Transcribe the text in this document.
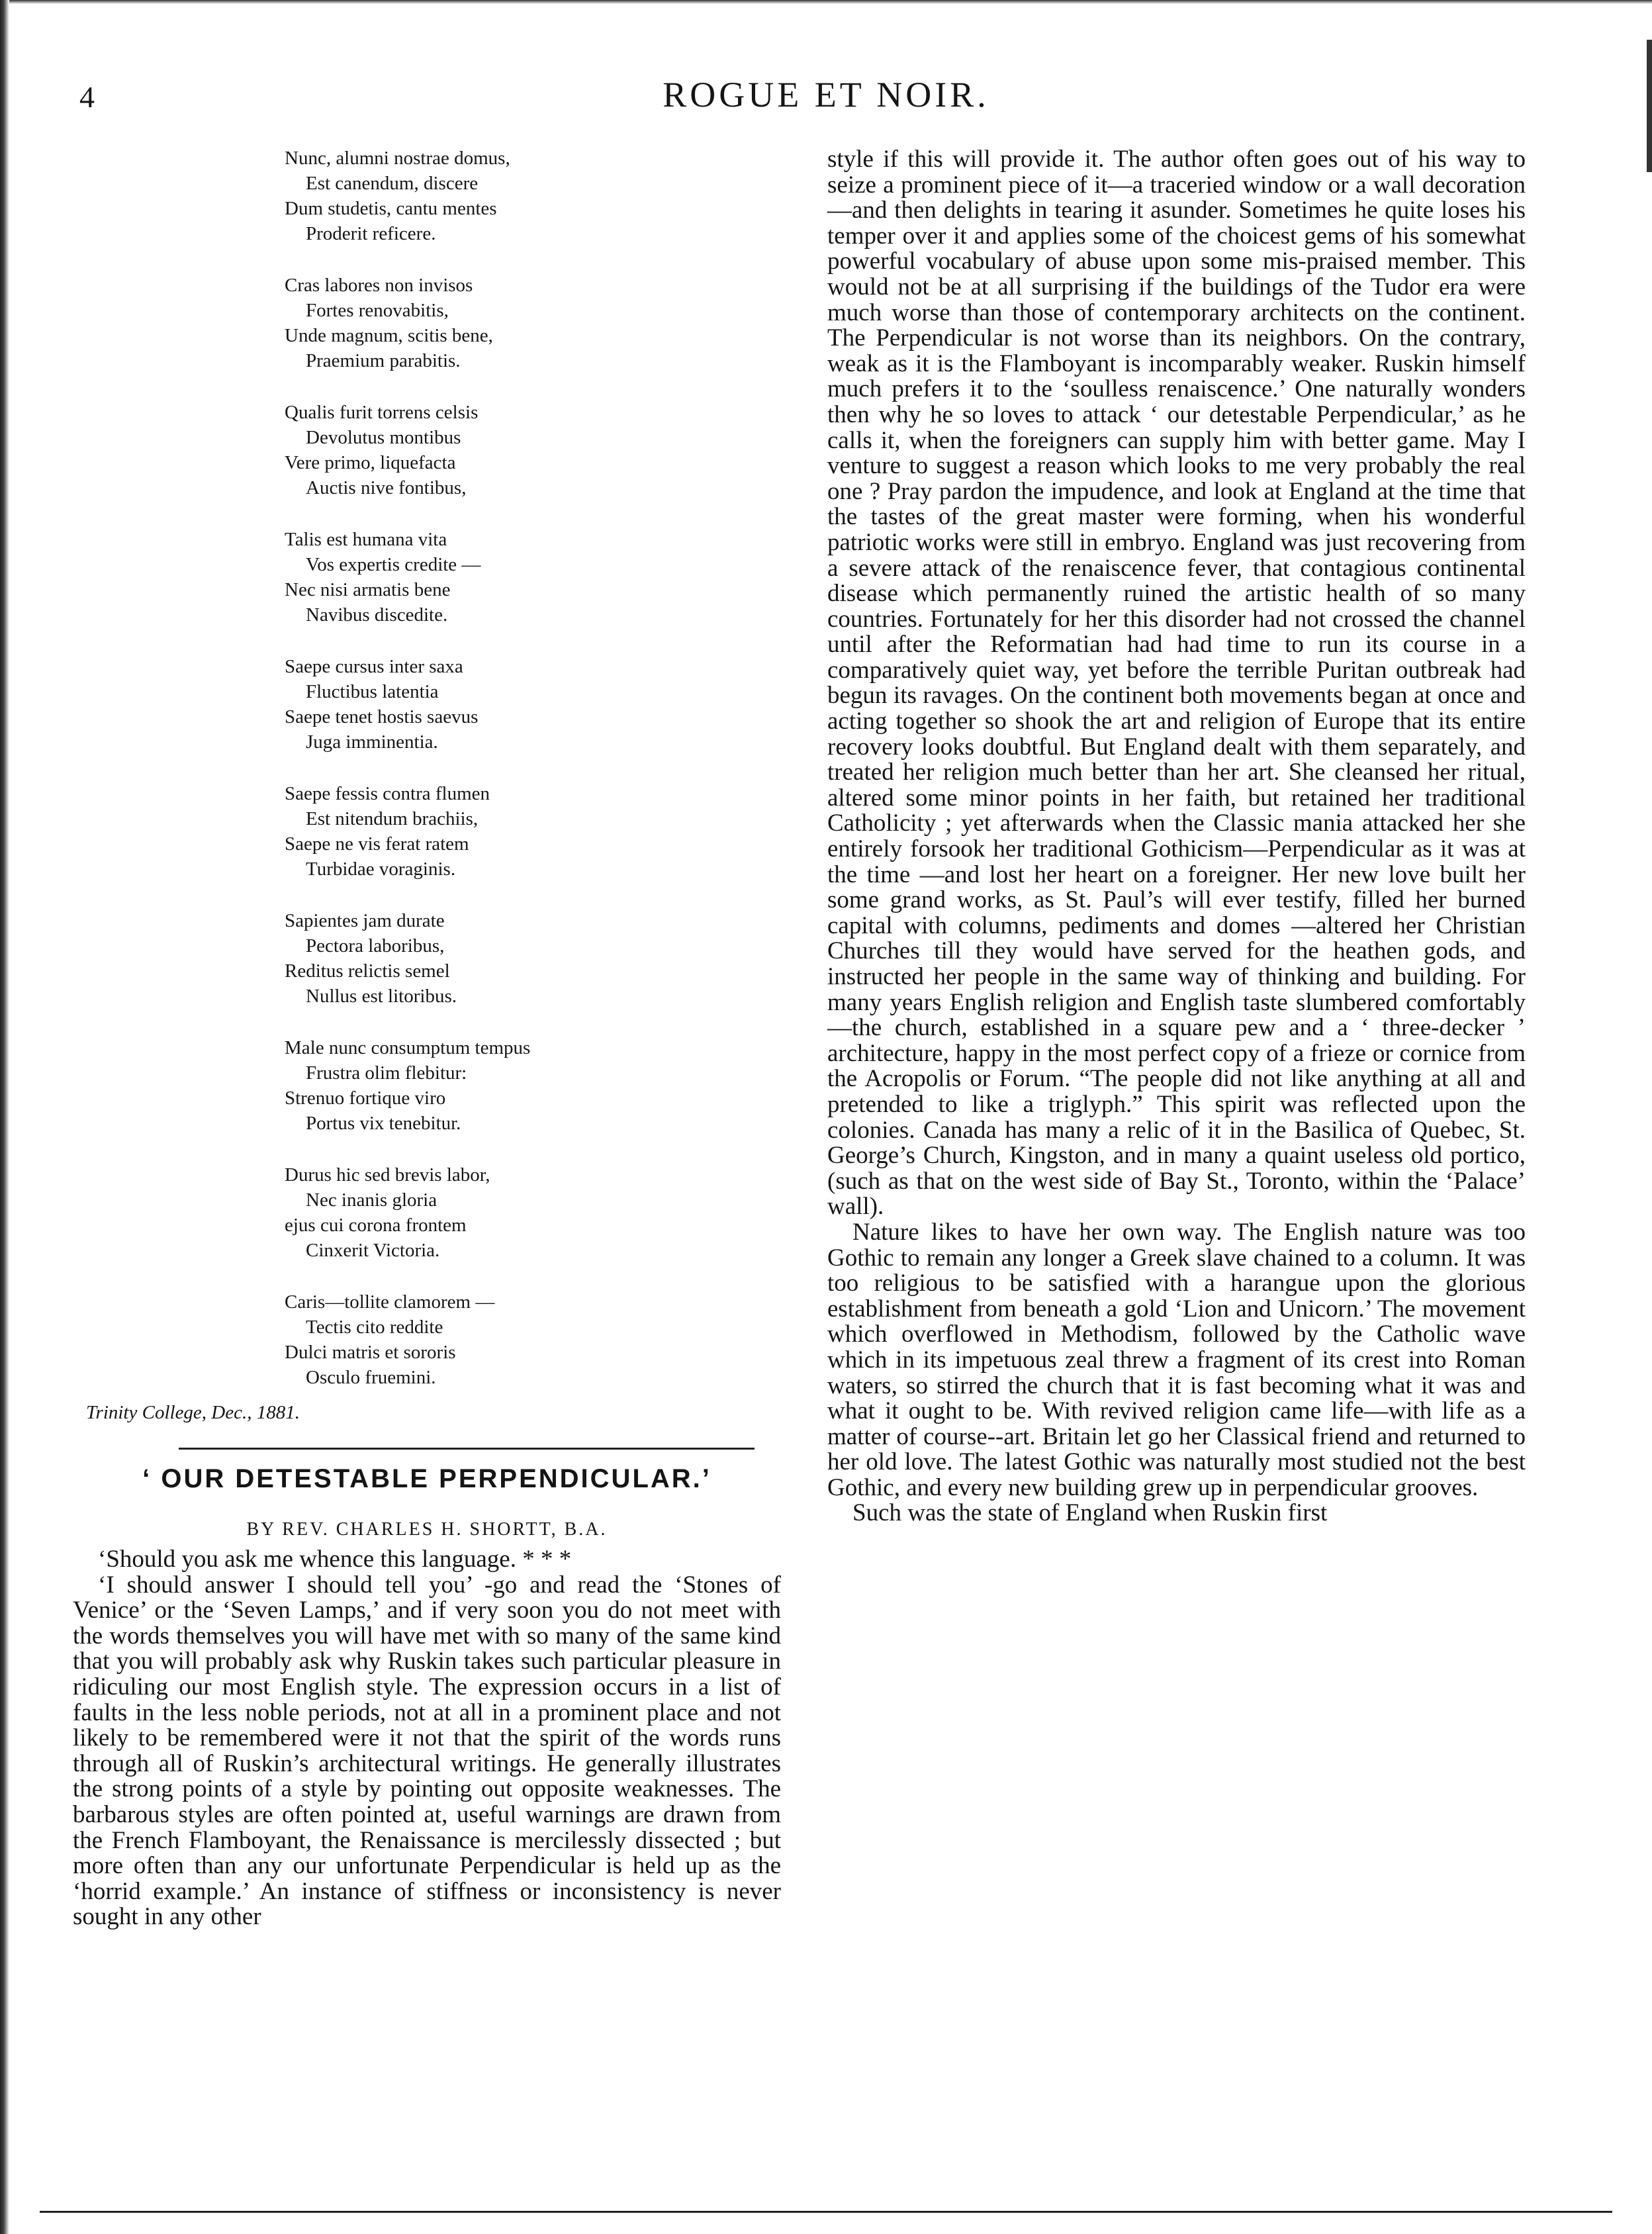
4	ROGUE ET NOIR.
Nunc, alumni nostrae domus,
Est canendum, discere
Dum studetis, cantu mentes
Proderit reficere.
Cras labores non invisos
Fortes renovabitis,
Unde magnum, scitis bene,
Praemium parabitis.
Qualis furit torrens celsis
Devolutus montibus
Vere primo, liquefacta
Auctis nive fontibus,
Talis est humana vita
Vos expertis credite —
Nec nisi armatis bene
Navibus discedite.
Saepe cursus inter saxa
Fluctibus latentia
Saepe tenet hostis saevus
Juga imminentia.
Saepe fessis contra flumen
Est nitendum brachiis,
Saepe ne vis ferat ratem
Turbidae voraginis.
Sapientes jam durate
Pectora laboribus,
Reditus relictis semel
Nullus est litoribus.
Male nunc consumptum tempus
Frustra olim flebitur:
Strenuo fortique viro
Portus vix tenebitur.
Durus hic sed brevis labor,
Nec inanis gloria
ejus cui corona frontem
Cinxerit Victoria.
Caris—tollite clamorem —
Tectis cito reddite
Dulci matris et sororis
Osculo fruemini.
Trinity College, Dec., 1881.
‘ OUR DETESTABLE PERPENDICULAR.’
BY REV. CHARLES H. SHORTT, B.A.

‘Should you ask me whence this language. * * *

‘I should answer I should tell you’ -go and read the ‘Stones of Venice’ or the ‘Seven Lamps,’ and if very soon you do not meet with the words themselves you will have met with so many of the same kind that you will probably ask why Ruskin takes such particular pleasure in ridiculing our most English style. The expression occurs in a list of faults in the less noble periods, not at all in a prominent place and not likely to be remembered were it not that the spirit of the words runs through all of Ruskin’s architectural writings. He generally illustrates the strong points of a style by pointing out opposite weaknesses. The barbarous styles are often pointed at, useful warnings are drawn from the French Flamboyant, the Renaissance is mercilessly dissected ; but more often than any our unfortunate Perpendicular is held up as the ‘horrid example.’ An instance of stiffness or inconsistency is never sought in any other

style if this will provide it. The author often goes out of his way to seize a prominent piece of it—a traceried window or a wall decoration—and then delights in tearing it asunder. Sometimes he quite loses his temper over it and applies some of the choicest gems of his somewhat powerful vocabulary of abuse upon some mis-praised member. This would not be at all surprising if the buildings of the Tudor era were much worse than those of contemporary architects on the continent. The Perpendicular is not worse than its neighbors. On the contrary, weak as it is the Flamboyant is incomparably weaker. Ruskin himself much prefers it to the ‘soulless renaiscence.’ One naturally wonders then why he so loves to attack ‘ our detestable Perpendicular,’ as he calls it, when the foreigners can supply him with better game. May I venture to suggest a reason which looks to me very probably the real one ? Pray pardon the impudence, and look at England at the time that the tastes of the great master were forming, when his wonderful patriotic works were still in embryo. England was just recovering from a severe attack of the renaiscence fever, that contagious continental disease which permanently ruined the artistic health of so many countries. Fortunately for her this disorder had not crossed the channel until after the Reformatian had had time to run its course in a comparatively quiet way, yet before the terrible Puritan outbreak had begun its ravages. On the continent both movements began at once and acting together so shook the art and religion of Europe that its entire recovery looks doubtful. But England dealt with them separately, and treated her religion much better than her art. She cleansed her ritual, altered some minor points in her faith, but retained her traditional Catholicity ; yet afterwards when the Classic mania attacked her she entirely forsook her traditional Gothicism—Perpendicular as it was at the time —and lost her heart on a foreigner. Her new love built her some grand works, as St. Paul’s will ever testify, filled her burned capital with columns, pediments and domes —altered her Christian Churches till they would have served for the heathen gods, and instructed her people in the same way of thinking and building. For many years English religion and English taste slumbered comfortably—the church, established in a square pew and a ‘ three-decker ’ architecture, happy in the most perfect copy of a frieze or cornice from the Acropolis or Forum. “The people did not like anything at all and pretended to like a triglyph.” This spirit was reflected upon the colonies. Canada has many a relic of it in the Basilica of Quebec, St. George’s Church, Kingston, and in many a quaint useless old portico, (such as that on the west side of Bay St., Toronto, within the ‘Palace’ wall).

Nature likes to have her own way. The English nature was too Gothic to remain any longer a Greek slave chained to a column. It was too religious to be satisfied with a harangue upon the glorious establishment from beneath a gold ‘Lion and Unicorn.’ The movement which overflowed in Methodism, followed by the Catholic wave which in its impetuous zeal threw a fragment of its crest into Roman waters, so stirred the church that it is fast becoming what it was and what it ought to be. With revived religion came life—with life as a matter of course--art. Britain let go her Classical friend and returned to her old love. The latest Gothic was naturally most studied not the best Gothic, and every new building grew up in perpendicular grooves.

Such was the state of England when Ruskin first
